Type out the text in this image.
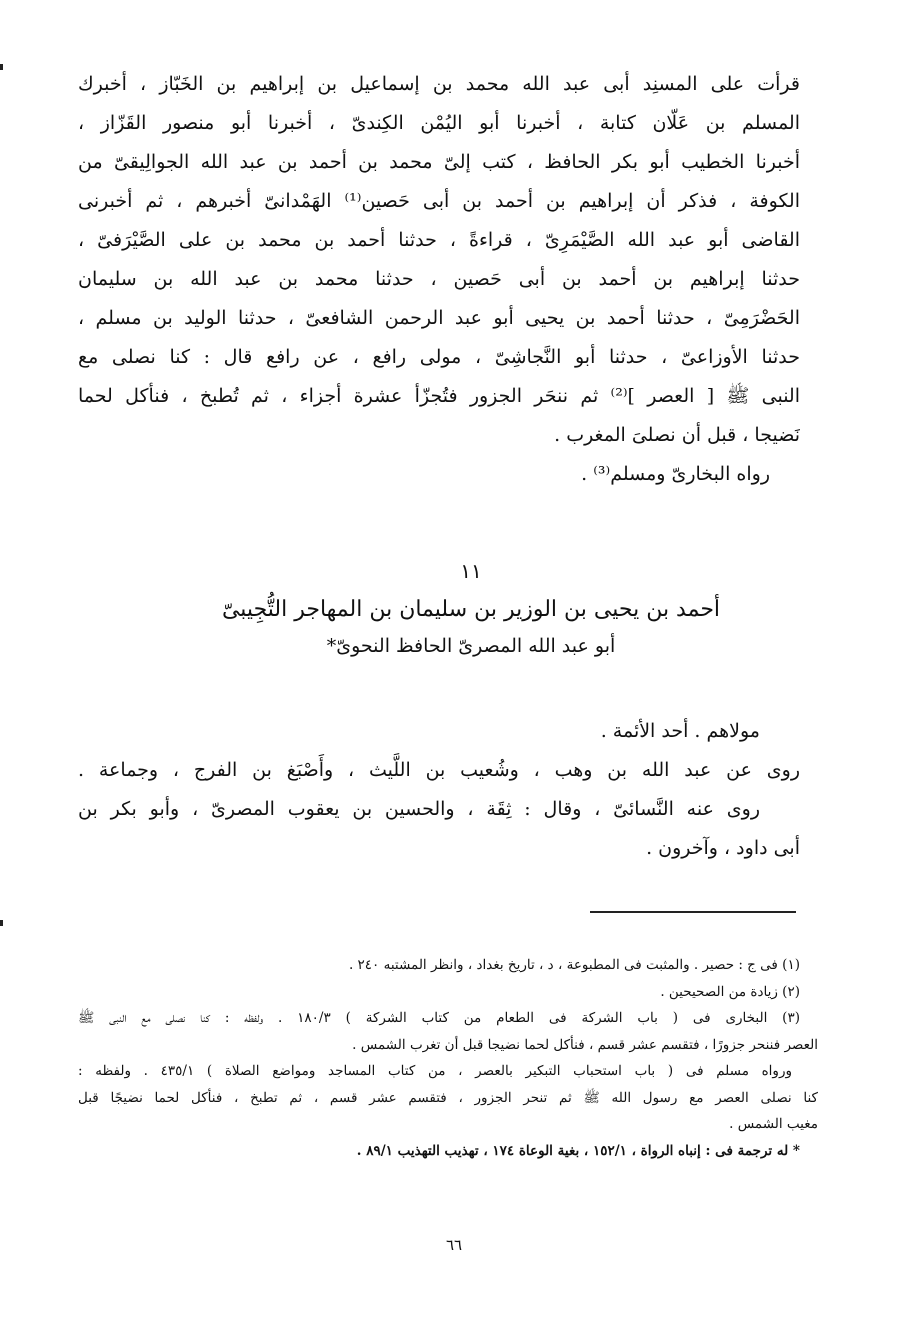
قرأت على المسنِد أبى عبد الله محمد بن إسماعيل بن إبراهيم بن الخَبّاز ، أخبرك
المسلم بن عَلّان كتابة ، أخبرنا أبو اليُمْن الكِندىّ ، أخبرنا أبو منصور القَزّاز ،
أخبرنا الخطيب أبو بكر الحافظ ، كتب إلىّ محمد بن أحمد بن عبد الله الجوالِيقىّ من
الكوفة ، فذكر أن إبراهيم بن أحمد بن أبى حَصين⁽¹⁾ الهَمْدانىّ أخبرهم ، ثم أخبرنى
القاضى أبو عبد الله الصَّيْمَرِىّ ، قراءةً ، حدثنا أحمد بن محمد بن على الصَّيْرَفىّ ،
حدثنا إبراهيم بن أحمد بن أبى حَصين ، حدثنا محمد بن عبد الله بن سليمان
الحَضْرَمِىّ ، حدثنا أحمد بن يحيى أبو عبد الرحمن الشافعىّ ، حدثنا الوليد بن مسلم ،
حدثنا الأوزاعىّ ، حدثنا أبو النَّجاشِىّ ، مولى رافع ، عن رافع قال : كنا نصلى مع
النبى ﷺ [ العصر ]⁽²⁾ ثم ننحَر الجزور فتُجزّأ عشرة أجزاء ، ثم تُطبخ ، فنأكل لحما
نَضيجا ، قبل أن نصلىَ المغرب .
رواه البخارىّ ومسلم⁽³⁾ .
١١
أحمد بن يحيى بن الوزير بن سليمان بن المهاجر التُّجِيبىّ
أبو عبد الله المصرىّ الحافظ النحوىّ*
مولاهم . أحد الأئمة .
روى عن عبد الله بن وهب ، وشُعيب بن اللَّيث ، وأَصْبَغ بن الفرج ، وجماعة .
روى عنه النَّسائىّ ، وقال : ثِقَة ، والحسين بن يعقوب المصرىّ ، وأبو بكر بن
أبى داود ، وآخرون .
(١) فى ج : حصير . والمثبت فى المطبوعة ، د ، تاريخ بغداد ، وانظر المشتبه ٢٤٠ .
(٢) زيادة من الصحيحين .
(٣) البخارى فى ( باب الشركة فى الطعام من كتاب الشركة ) ١٨٠/٣ . ولفظه : كنا نصلى مع النبى ﷺ
العصر فننحر جزورًا ، فتقسم عشر قسم ، فنأكل لحما نضيجا قبل أن تغرب الشمس .
ورواه مسلم فى ( باب استحباب التبكير بالعصر ، من كتاب المساجد ومواضع الصلاة ) ٤٣٥/١ . ولفظه :
كنا نصلى العصر مع رسول الله ﷺ ثم تنحر الجزور ، فتقسم عشر قسم ، ثم تطبخ ، فنأكل لحما نضيجًا قبل
مغيب الشمس .
* له ترجمة فى : إنباه الرواة ، ١٥٢/١ ، بغية الوعاة ١٧٤ ، تهذيب التهذيب ٨٩/١ .
٦٦
